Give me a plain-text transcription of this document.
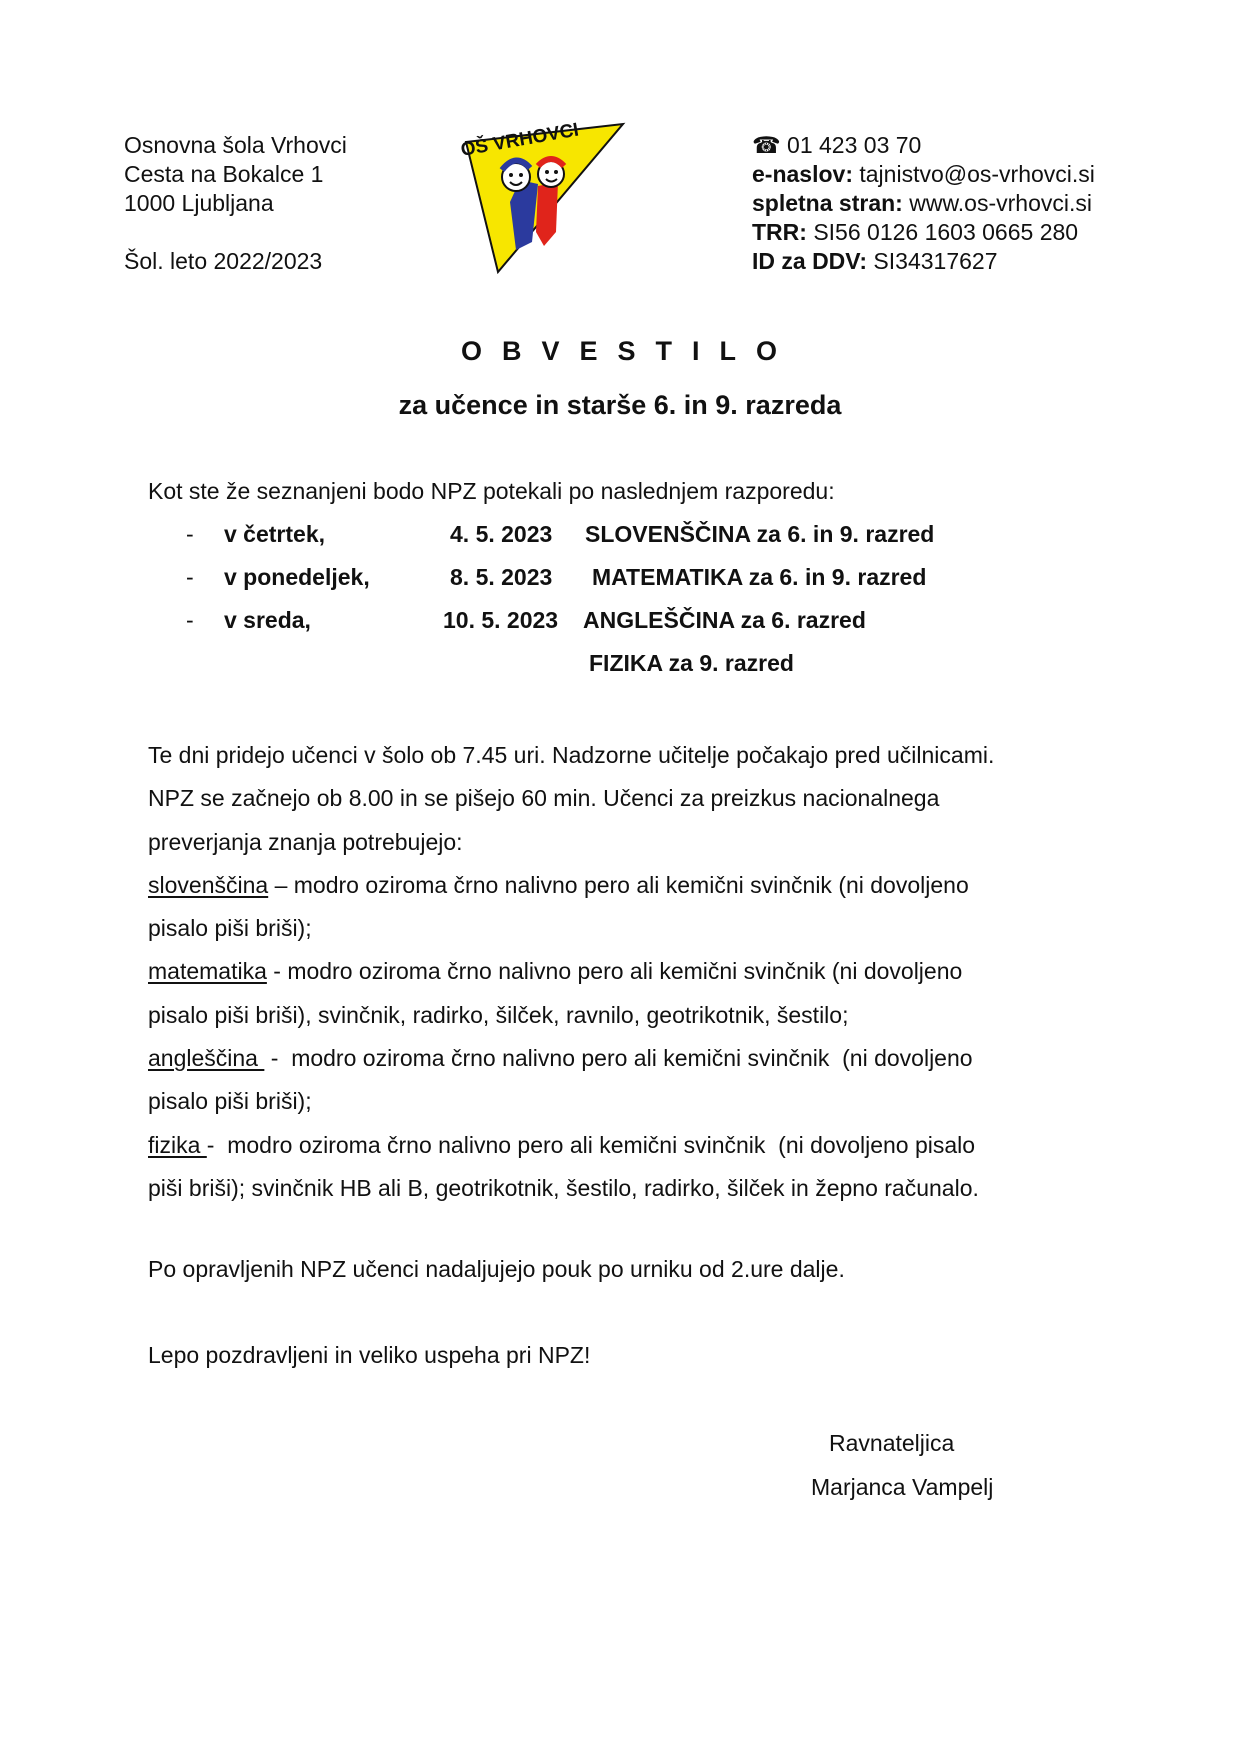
Osnovna šola Vrhovci
Cesta na Bokalce 1
1000 Ljubljana
Šol. leto 2022/2023
OŠ VRHOVCI	☎ 01 423 03 70
e-naslov: tajnistvo@os-vrhovci.si
spletna stran: www.os-vrhovci.si
TRR: SI56 0126 1603 0665 280
ID za DDV: SI34317627
OBVESTILO
za učence in starše 6. in 9. razreda
Kot ste že seznanjeni bodo NPZ potekali po naslednjem razporedu:
- v četrtek,	4. 5. 2023 SLOVENŠČINA za 6. in 9. razred
- v ponedeljek,	8. 5. 2023 MATEMATIKA za 6. in 9. razred
- v sreda,	10. 5. 2023 ANGLEŠČINA za 6. razred
FIZIKA za 9. razred
Te dni pridejo učenci v šolo ob 7.45 uri. Nadzorne učitelje počakajo pred učilnicami.
NPZ se začnejo ob 8.00 in se pišejo 60 min. Učenci za preizkus nacionalnega
preverjanja znanja potrebujejo:
slovenščina – modro oziroma črno nalivno pero ali kemični svinčnik (ni dovoljeno
pisalo piši briši);
matematika - modro oziroma črno nalivno pero ali kemični svinčnik (ni dovoljeno
pisalo piši briši), svinčnik, radirko, šilček, ravnilo, geotrikotnik, šestilo;
angleščina  -  modro oziroma črno nalivno pero ali kemični svinčnik  (ni dovoljeno
pisalo piši briši);
fizika -  modro oziroma črno nalivno pero ali kemični svinčnik  (ni dovoljeno pisalo
piši briši); svinčnik HB ali B, geotrikotnik, šestilo, radirko, šilček in žepno računalo.
Po opravljenih NPZ učenci nadaljujejo pouk po urniku od 2.ure dalje.
Lepo pozdravljeni in veliko uspeha pri NPZ!
Ravnateljica
Marjanca Vampelj
